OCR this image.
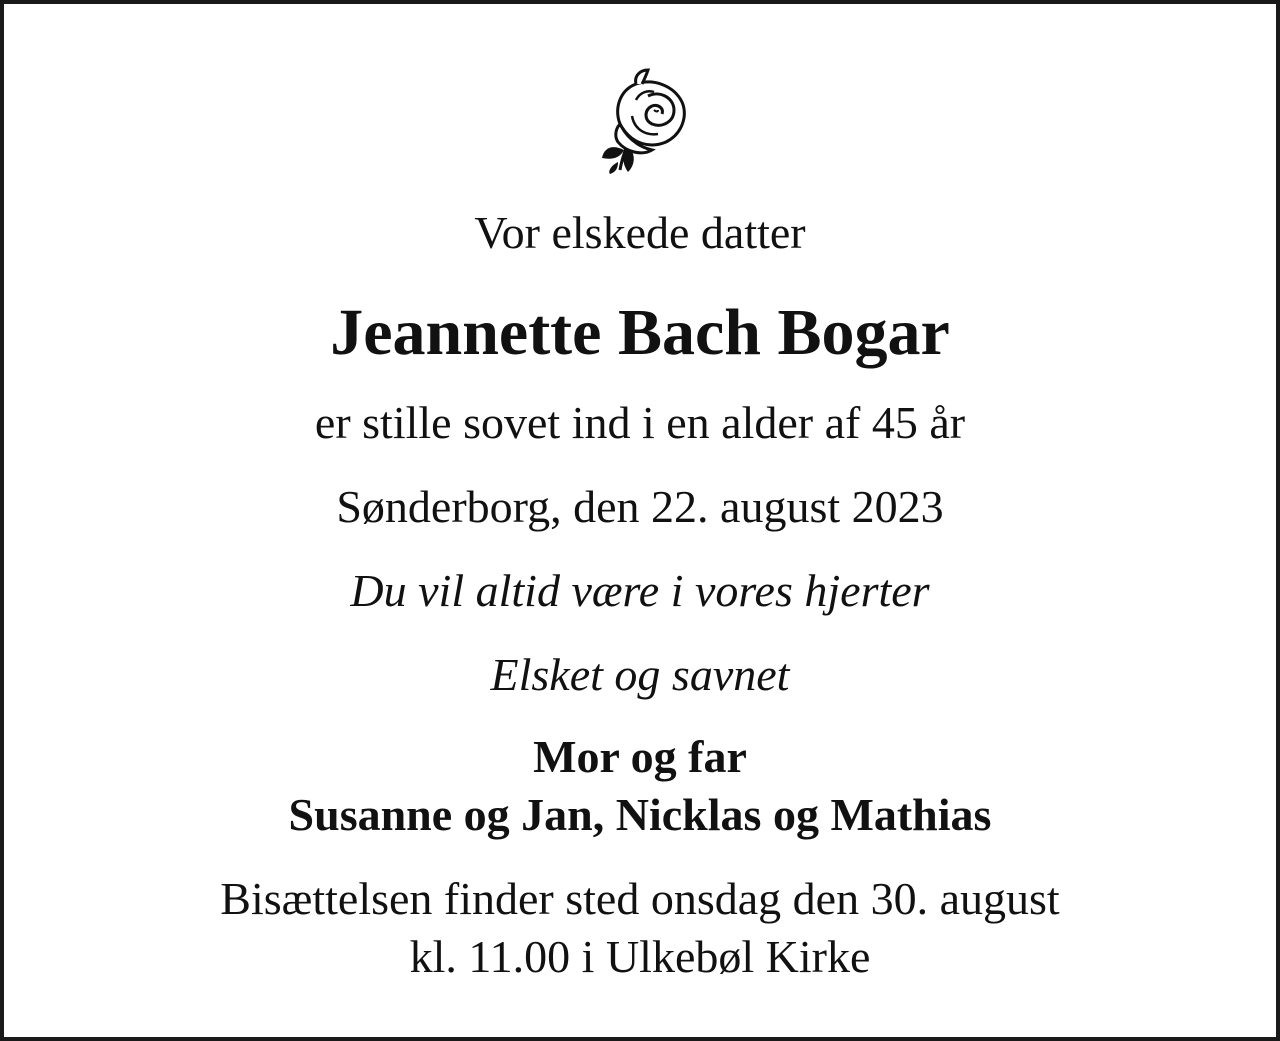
Vor elskede datter
Jeannette Bach Bogar
er stille sovet ind i en alder af 45 år
Sønderborg, den 22. august 2023
Du vil altid være i vores hjerter
Elsket og savnet
Mor og far
Susanne og Jan, Nicklas og Mathias
Bisættelsen finder sted onsdag den 30. august
kl. 11.00 i Ulkebøl Kirke
